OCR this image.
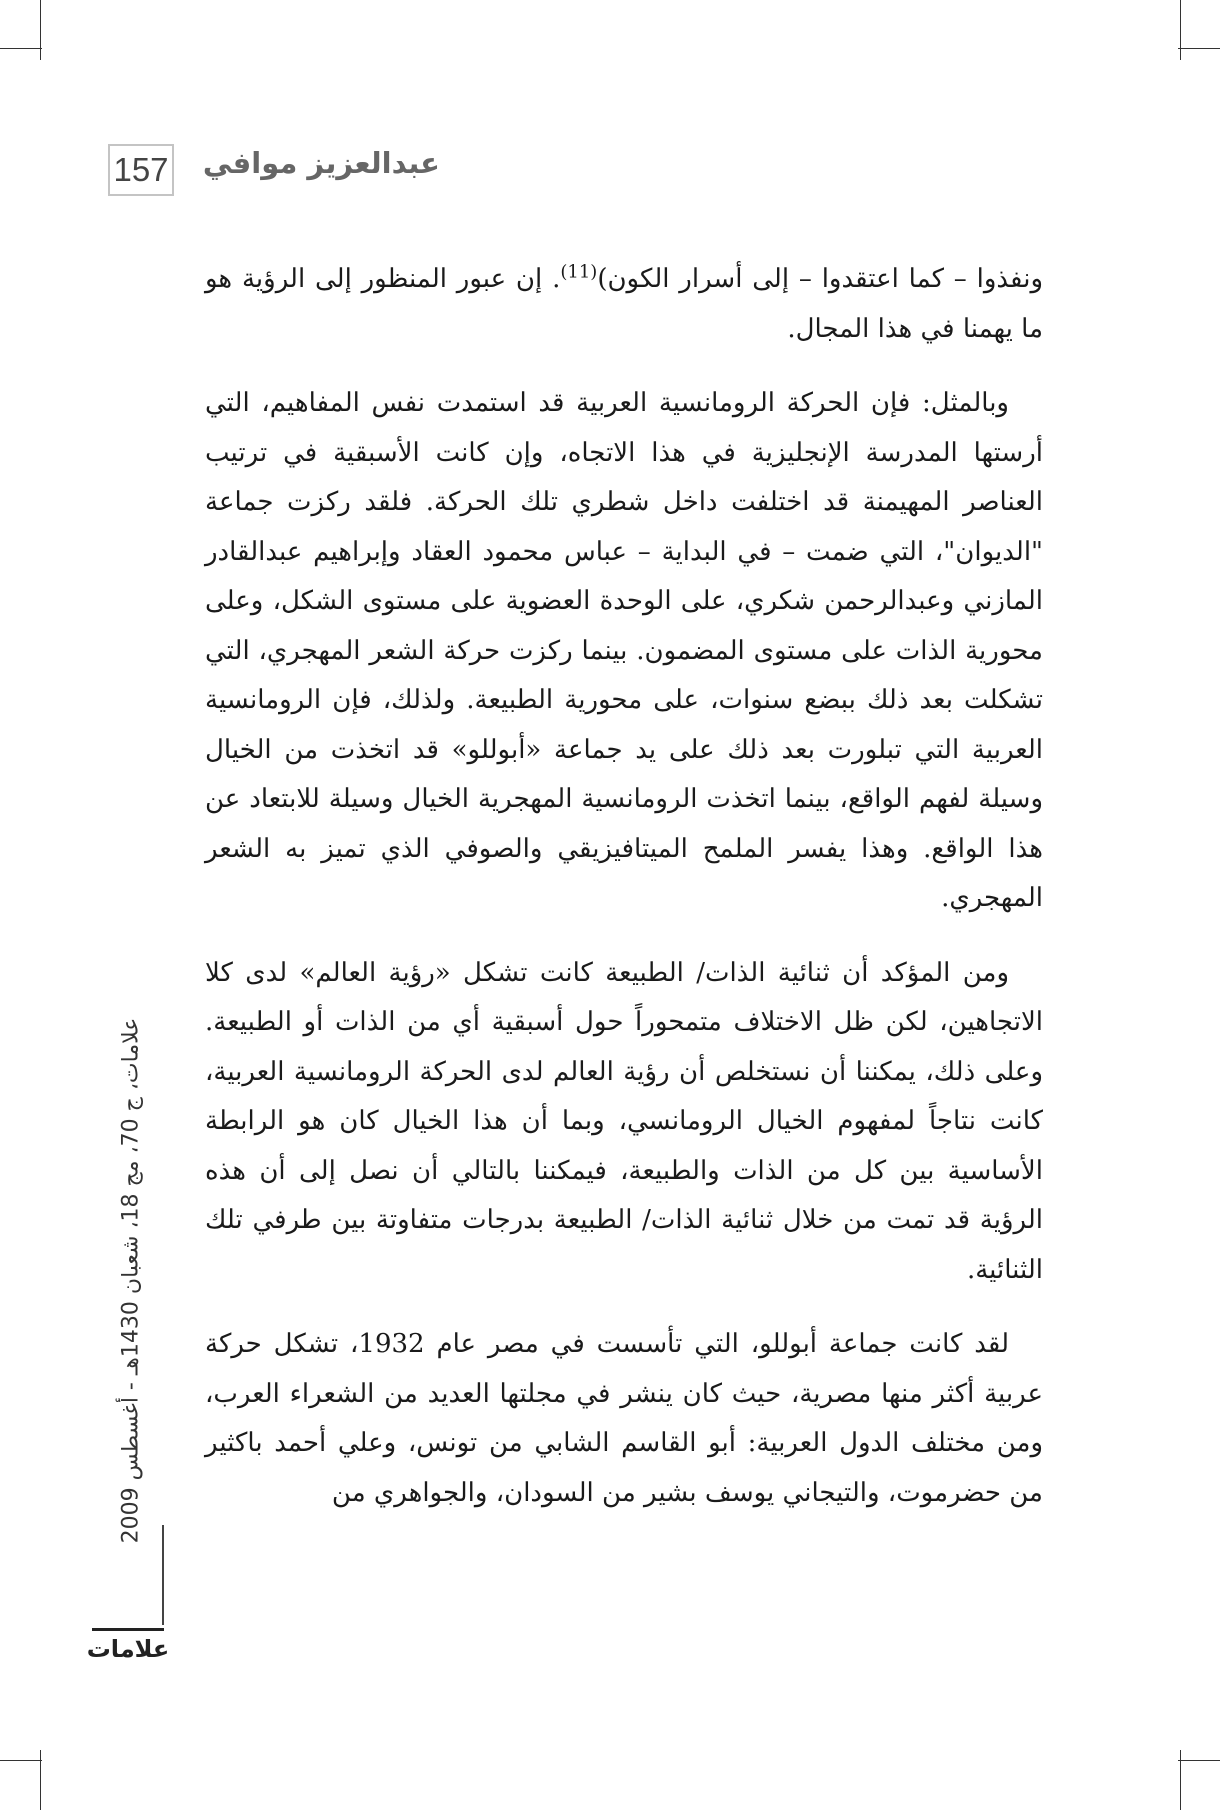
157 عبدالعزيز موافي

ونفذوا – كما اعتقدوا – إلى أسرار الكون)$^{(11)}$. إن عبور المنظور إلى الرؤية هو ما يهمنا في هذا المجال.

وبالمثل: فإن الحركة الرومانسية العربية قد استمدت نفس المفاهيم، التي أرستها المدرسة الإنجليزية في هذا الاتجاه، وإن كانت الأسبقية في ترتيب العناصر المهيمنة قد اختلفت داخل شطري تلك الحركة. فلقد ركزت جماعة "الديوان"، التي ضمت – في البداية – عباس محمود العقاد وإبراهيم عبدالقادر المازني وعبدالرحمن شكري، على الوحدة العضوية على مستوى الشكل، وعلى محورية الذات على مستوى المضمون. بينما ركزت حركة الشعر المهجري، التي تشكلت بعد ذلك ببضع سنوات، على محورية الطبيعة. ولذلك، فإن الرومانسية العربية التي تبلورت بعد ذلك على يد جماعة «أبوللو» قد اتخذت من الخيال وسيلة لفهم الواقع، بينما اتخذت الرومانسية المهجرية الخيال وسيلة للابتعاد عن هذا الواقع. وهذا يفسر الملمح الميتافيزيقي والصوفي الذي تميز به الشعر المهجري.

ومن المؤكد أن ثنائية الذات/ الطبيعة كانت تشكل «رؤية العالم» لدى كلا الاتجاهين، لكن ظل الاختلاف متمحوراً حول أسبقية أي من الذات أو الطبيعة. وعلى ذلك، يمكننا أن نستخلص أن رؤية العالم لدى الحركة الرومانسية العربية، كانت نتاجاً لمفهوم الخيال الرومانسي، وبما أن هذا الخيال كان هو الرابطة الأساسية بين كل من الذات والطبيعة، فيمكننا بالتالي أن نصل إلى أن هذه الرؤية قد تمت من خلال ثنائية الذات/ الطبيعة بدرجات متفاوتة بين طرفي تلك الثنائية.

لقد كانت جماعة أبوللو، التي تأسست في مصر عام 1932، تشكل حركة عربية أكثر منها مصرية، حيث كان ينشر في مجلتها العديد من الشعراء العرب، ومن مختلف الدول العربية: أبو القاسم الشابي من تونس، وعلي أحمد باكثير من حضرموت، والتيجاني يوسف بشير من السودان، والجواهري من

علامات، ج 70، مج 18، شعبان 1430هـ - أغسطس 2009
علامات
